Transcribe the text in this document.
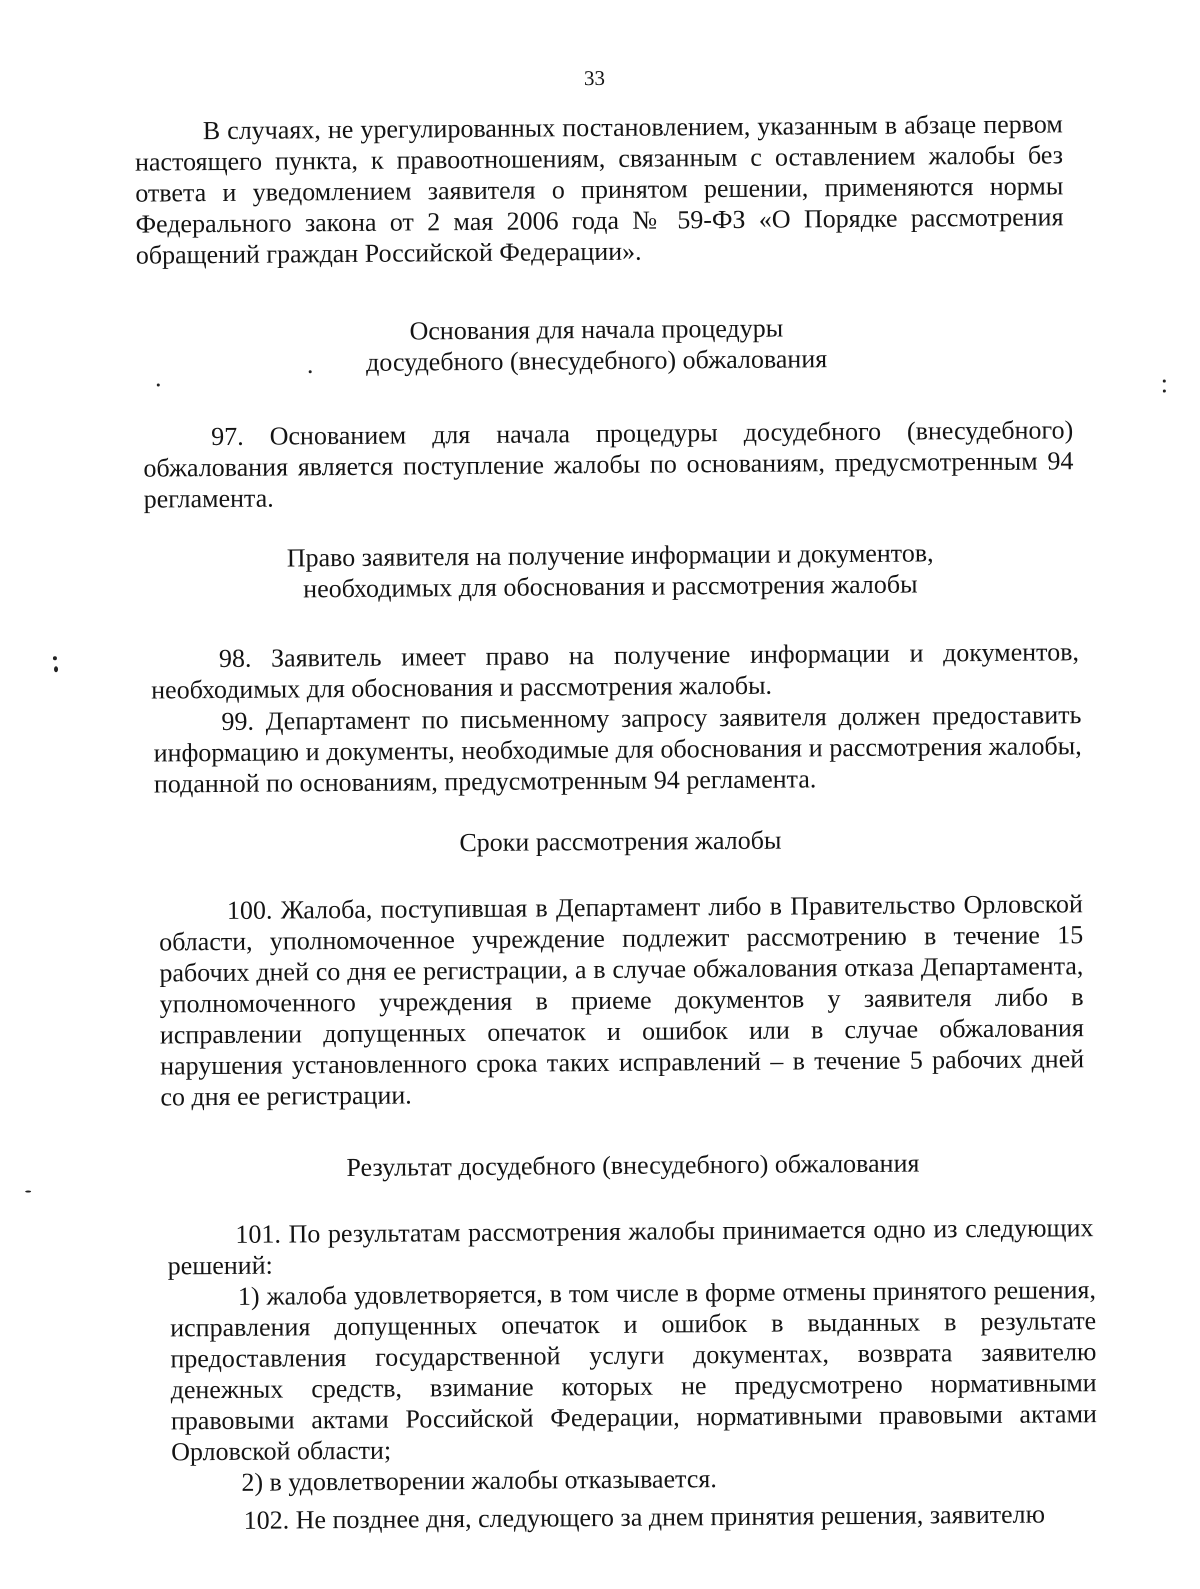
33

В случаях, не урегулированных постановлением, указанным в абзаце первом настоящего пункта, к правоотношениям, связанным с оставлением жалобы без ответа и уведомлением заявителя о принятом решении, применяются нормы Федерального закона от 2 мая 2006 года № 59-ФЗ «О Порядке рассмотрения обращений граждан Российской Федерации».

Основания для начала процедуры
досудебного (внесудебного) обжалования

97. Основанием для начала процедуры досудебного (внесудебного) обжалования является поступление жалобы по основаниям, предусмотренным 94 регламента.

Право заявителя на получение информации и документов,
необходимых для обоснования и рассмотрения жалобы

98. Заявитель имеет право на получение информации и документов, необходимых для обоснования и рассмотрения жалобы.

99. Департамент по письменному запросу заявителя должен предоставить информацию и документы, необходимые для обоснования и рассмотрения жалобы, поданной по основаниям, предусмотренным 94 регламента.

Сроки рассмотрения жалобы

100. Жалоба, поступившая в Департамент либо в Правительство Орловской области, уполномоченное учреждение подлежит рассмотрению в течение 15 рабочих дней со дня ее регистрации, а в случае обжалования отказа Департамента, уполномоченного учреждения в приеме документов у заявителя либо в исправлении допущенных опечаток и ошибок или в случае обжалования нарушения установленного срока таких исправлений – в течение 5 рабочих дней со дня ее регистрации.

Результат досудебного (внесудебного) обжалования

101. По результатам рассмотрения жалобы принимается одно из следующих решений:

1) жалоба удовлетворяется, в том числе в форме отмены принятого решения, исправления допущенных опечаток и ошибок в выданных в результате предоставления государственной услуги документах, возврата заявителю денежных средств, взимание которых не предусмотрено нормативными правовыми актами Российской Федерации, нормативными правовыми актами Орловской области;

2) в удовлетворении жалобы отказывается.

102. Не позднее дня, следующего за днем принятия решения, заявителю
